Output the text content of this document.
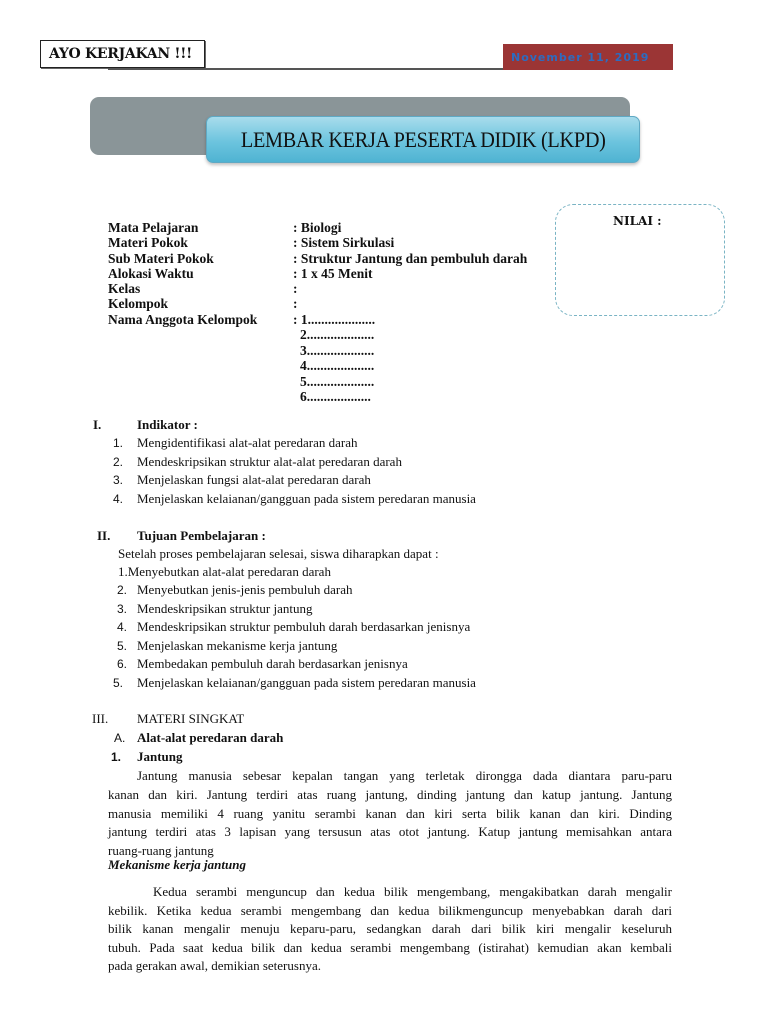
AYO KERJAKAN !!!	November 11, 2019
LEMBAR KERJA PESERTA DIDIK (LKPD)
Mata Pelajaran
Materi Pokok
Sub Materi Pokok
Alokasi Waktu
Kelas
Kelompok
Nama Anggota Kelompok
: Biologi
: Sistem Sirkulasi
: Struktur Jantung dan pembuluh darah
: 1 x 45 Menit
:
:
: 1....................
2....................
3....................
4....................
5....................
6...................
NILAI :
I.	Indikator :
II. Tujuan Pembelajaran :
Setelah proses pembelajaran selesai, siswa diharapkan dapat :
1.Menyebutkan alat-alat peredaran darah
III. MATERI SINGKAT
A. Alat-alat peredaran darah
1. Jantung
Mekanisme kerja jantung
1. Mengidentifikasi alat-alat peredaran darah
2. Mendeskripsikan struktur alat-alat peredaran darah
3. Menjelaskan fungsi alat-alat peredaran darah
4. Menjelaskan kelaianan/gangguan pada sistem peredaran manusia
2. Menyebutkan jenis-jenis pembuluh darah
3. Mendeskripsikan struktur jantung
4. Mendeskripsikan struktur pembuluh darah berdasarkan jenisnya
5. Menjelaskan mekanisme kerja jantung
6. Membedakan pembuluh darah berdasarkan jenisnya
5. Menjelaskan kelaianan/gangguan pada sistem peredaran manusia
Jantung manusia sebesar kepalan tangan yang terletak dirongga dada diantara paru-paru
kanan dan kiri. Jantung terdiri atas ruang jantung, dinding jantung dan katup jantung. Jantung
manusia memiliki 4 ruang yanitu serambi kanan dan kiri serta bilik kanan dan kiri. Dinding
jantung terdiri atas 3 lapisan yang tersusun atas otot jantung. Katup jantung memisahkan antara
ruang-ruang jantung
Kedua serambi menguncup dan kedua bilik mengembang, mengakibatkan darah mengalir
kebilik. Ketika kedua serambi mengembang dan kedua bilikmenguncup menyebabkan darah dari
bilik kanan mengalir menuju keparu-paru, sedangkan darah dari bilik kiri mengalir keseluruh
tubuh. Pada saat kedua bilik dan kedua serambi mengembang (istirahat) kemudian akan kembali
pada gerakan awal, demikian seterusnya.
